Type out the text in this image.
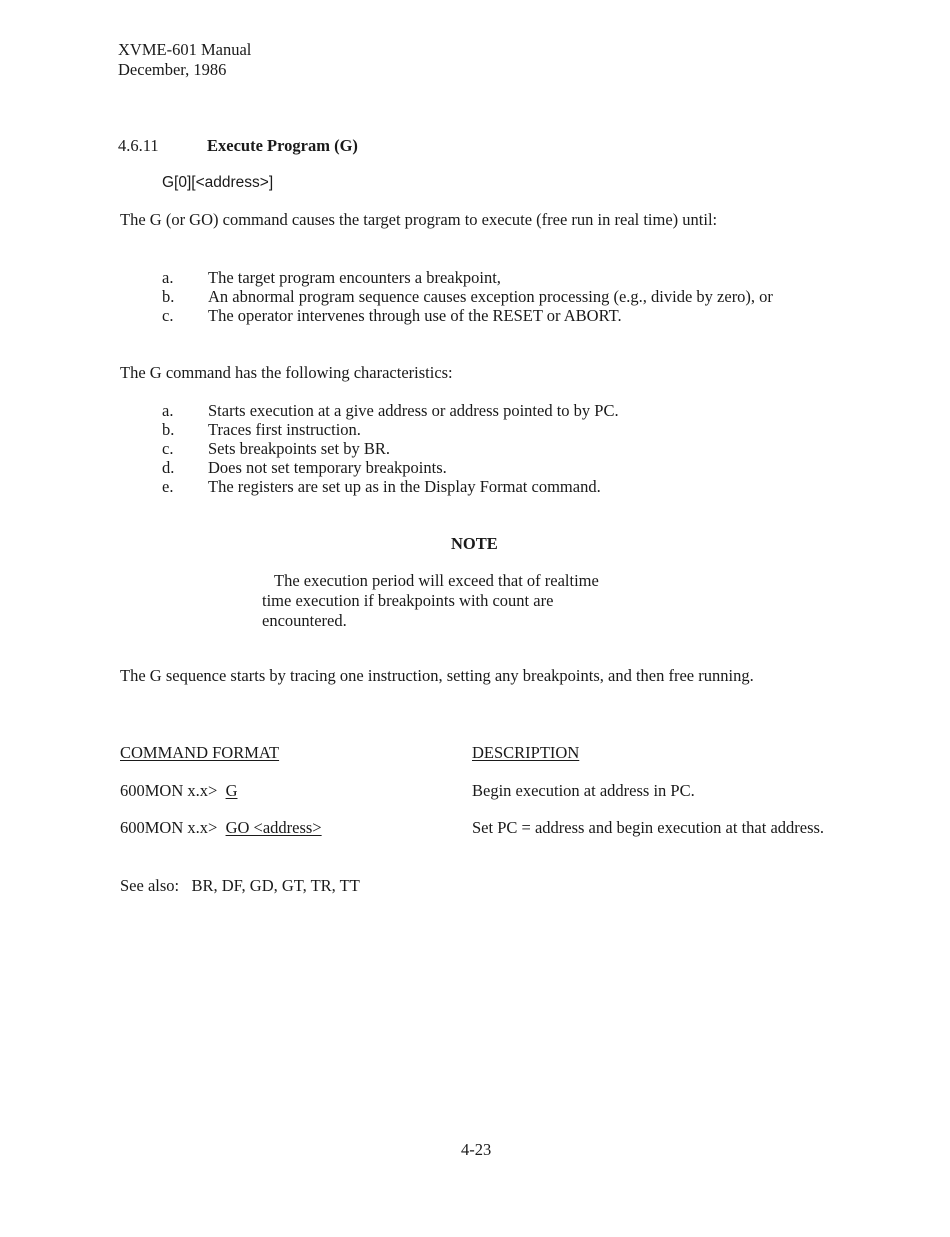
XVME-601 Manual
December, 1986
4.6.11	Execute Program (G)
G[0][<address>]

The G (or GO) command causes the target program to execute (free run in real time) until:

a. The target program encounters a breakpoint,
b. An abnormal program sequence causes exception processing (e.g., divide by zero), or
c. The operator intervenes through use of the RESET or ABORT.

The G command has the following characteristics:

a. Starts execution at a give address or address pointed to by PC.
b. Traces first instruction.
c. Sets breakpoints set by BR.
d. Does not set temporary breakpoints.
e. The registers are set up as in the Display Format command.
NOTE
The execution period will exceed that of realtime
time execution if breakpoints with count are
encountered.

The G sequence starts by tracing one instruction, setting any breakpoints, and then free running.

COMMAND FORMAT	DESCRIPTION
600MON x.x> G	Begin execution at address in PC.
600MON x.x> GO <address>	Set PC = address and begin execution at that address.
See also: BR, DF, GD, GT, TR, TT
4-23
